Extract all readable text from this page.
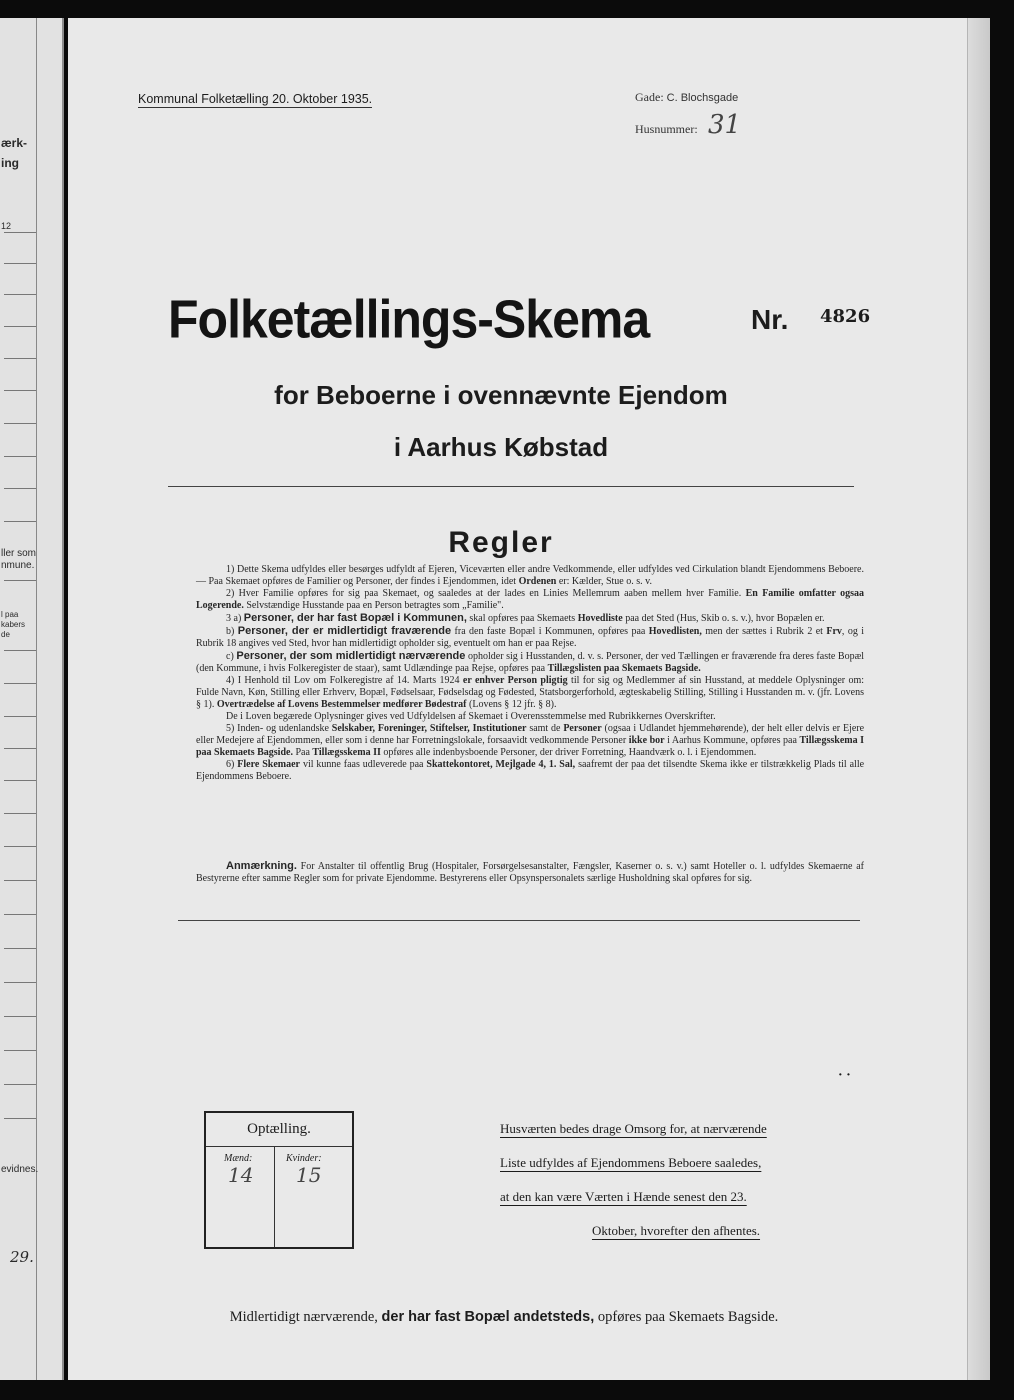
ærk-
ing
12
ller som
nmune.
l paa
kabers
de
evidnes.
29.
Kommunal Folketælling 20. Oktober 1935.	Gade: C. Blochsgade
Husnummer: 31
Folketællings-Skema	Nr. 4826
for Beboerne i ovennævnte Ejendom
i Aarhus Købstad
Regler

1) Dette Skema udfyldes eller besørges udfyldt af Ejeren, Viceværten eller andre Vedkommende, eller udfyldes ved Cirkulation blandt Ejendommens Beboere. — Paa Skemaet opføres de Familier og Personer, der findes i Ejendommen, idet Ordenen er: Kælder, Stue o. s. v.

2) Hver Familie opføres for sig paa Skemaet, og saaledes at der lades en Linies Mellemrum aaben mellem hver Familie. En Familie omfatter ogsaa Logerende. Selvstændige Husstande paa en Person betragtes som „Familie".

3 a) Personer, der har fast Bopæl i Kommunen, skal opføres paa Skemaets Hovedliste paa det Sted (Hus, Skib o. s. v.), hvor Bopælen er.

b) Personer, der er midlertidigt fraværende fra den faste Bopæl i Kommunen, opføres paa Hovedlisten, men der sættes i Rubrik 2 et Frv, og i Rubrik 18 angives ved Sted, hvor han midlertidigt opholder sig, eventuelt om han er paa Rejse.

c) Personer, der som midlertidigt nærværende opholder sig i Husstanden, d. v. s. Personer, der ved Tællingen er fraværende fra deres faste Bopæl (den Kommune, i hvis Folkeregister de staar), samt Udlændinge paa Rejse, opføres paa Tillægslisten paa Skemaets Bagside.

4) I Henhold til Lov om Folkeregistre af 14. Marts 1924 er enhver Person pligtig til for sig og Medlemmer af sin Husstand, at meddele Oplysninger om: Fulde Navn, Køn, Stilling eller Erhverv, Bopæl, Fødselsaar, Fødselsdag og Fødested, Statsborgerforhold, ægteskabelig Stilling, Stilling i Husstanden m. v. (jfr. Lovens § 1). Overtrædelse af Lovens Bestemmelser medfører Bødestraf (Lovens § 12 jfr. § 8).

De i Loven begærede Oplysninger gives ved Udfyldelsen af Skemaet i Overensstemmelse med Rubrikkernes Overskrifter.

5) Inden- og udenlandske Selskaber, Foreninger, Stiftelser, Institutioner samt de Personer (ogsaa i Udlandet hjemmehørende), der helt eller delvis er Ejere eller Medejere af Ejendommen, eller som i denne har Forretningslokale, forsaavidt vedkommende Personer ikke bor i Aarhus Kommune, opføres paa Tillægsskema I paa Skemaets Bagside. Paa Tillægsskema II opføres alle indenbysboende Personer, der driver Forretning, Haandværk o. l. i Ejendommen.

6) Flere Skemaer vil kunne faas udleverede paa Skattekontoret, Mejlgade 4, 1. Sal, saafremt der paa det tilsendte Skema ikke er tilstrækkelig Plads til alle Ejendommens Beboere.

Anmærkning. For Anstalter til offentlig Brug (Hospitaler, Forsørgelsesanstalter, Fængsler, Kaserner o. s. v.) samt Hoteller o. l. udfyldes Skemaerne af Bestyrerne efter samme Regler som for private Ejendomme. Bestyrerens eller Opsynspersonalets særlige Husholdning skal opføres for sig.

· ·
Optælling.
Mænd:
14
Kvinder:
15
Husværten bedes drage Omsorg for, at nærværende
Liste udfyldes af Ejendommens Beboere saaledes,
at den kan være Værten i Hænde senest den 23.
Oktober, hvorefter den afhentes.
Midlertidigt nærværende, der har fast Bopæl andetsteds, opføres paa Skemaets Bagside.
